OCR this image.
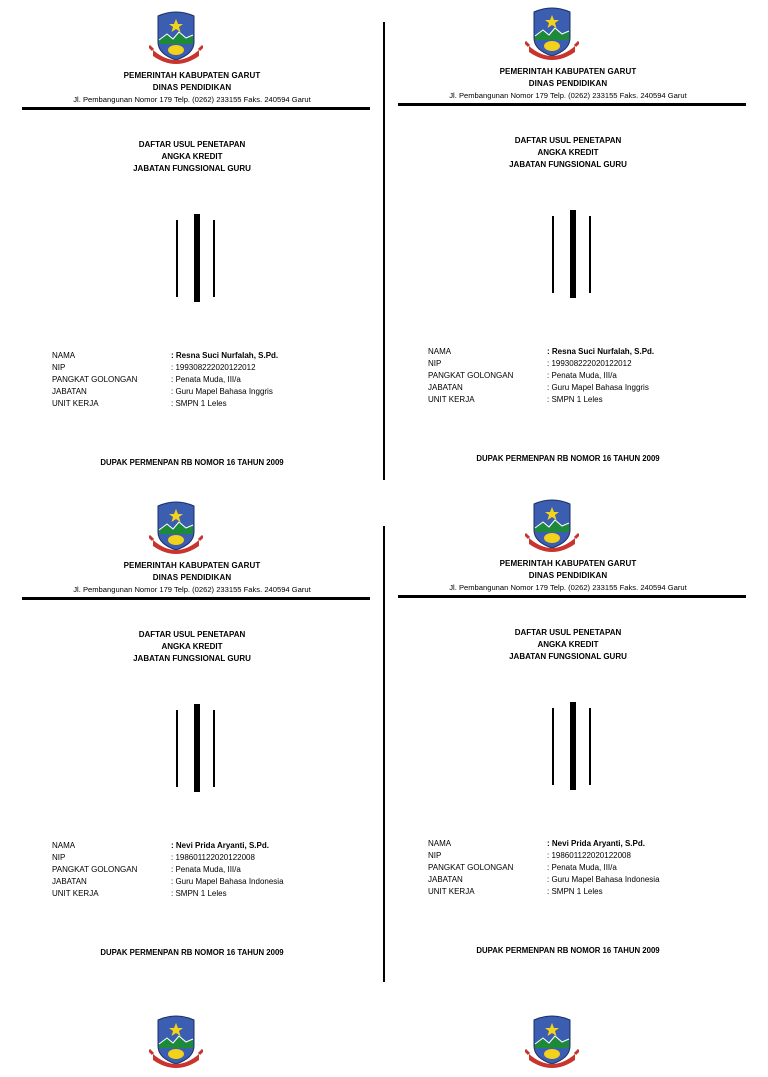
PEMERINTAH KABUPATEN GARUT
DINAS PENDIDIKAN
Jl. Pembangunan Nomor 179 Telp. (0262) 233155 Faks. 240594 Garut
DAFTAR USUL PENETAPAN
ANGKA KREDIT
JABATAN FUNGSIONAL GURU
NAMA	: Resna Suci Nurfalah, S.Pd.
NIP	: 199308222020122012
PANGKAT GOLONGAN	: Penata Muda, III/a
JABATAN	: Guru Mapel Bahasa Inggris
UNIT KERJA	: SMPN 1 Leles
DUPAK PERMENPAN RB NOMOR 16 TAHUN 2009
PEMERINTAH KABUPATEN GARUT
DINAS PENDIDIKAN
Jl. Pembangunan Nomor 179 Telp. (0262) 233155 Faks. 240594 Garut
DAFTAR USUL PENETAPAN
ANGKA KREDIT
JABATAN FUNGSIONAL GURU
NAMA	: Resna Suci Nurfalah, S.Pd.
NIP	: 199308222020122012
PANGKAT GOLONGAN	: Penata Muda, III/a
JABATAN	: Guru Mapel Bahasa Inggris
UNIT KERJA	: SMPN 1 Leles
DUPAK PERMENPAN RB NOMOR 16 TAHUN 2009
PEMERINTAH KABUPATEN GARUT
DINAS PENDIDIKAN
Jl. Pembangunan Nomor 179 Telp. (0262) 233155 Faks. 240594 Garut
DAFTAR USUL PENETAPAN
ANGKA KREDIT
JABATAN FUNGSIONAL GURU
NAMA	: Nevi Prida Aryanti, S.Pd.
NIP	: 198601122020122008
PANGKAT GOLONGAN	: Penata Muda, III/a
JABATAN	: Guru Mapel Bahasa Indonesia
UNIT KERJA	: SMPN 1 Leles
DUPAK PERMENPAN RB NOMOR 16 TAHUN 2009
PEMERINTAH KABUPATEN GARUT
DINAS PENDIDIKAN
Jl. Pembangunan Nomor 179 Telp. (0262) 233155 Faks. 240594 Garut
DAFTAR USUL PENETAPAN
ANGKA KREDIT
JABATAN FUNGSIONAL GURU
NAMA	: Nevi Prida Aryanti, S.Pd.
NIP	: 198601122020122008
PANGKAT GOLONGAN	: Penata Muda, III/a
JABATAN	: Guru Mapel Bahasa Indonesia
UNIT KERJA	: SMPN 1 Leles
DUPAK PERMENPAN RB NOMOR 16 TAHUN 2009
